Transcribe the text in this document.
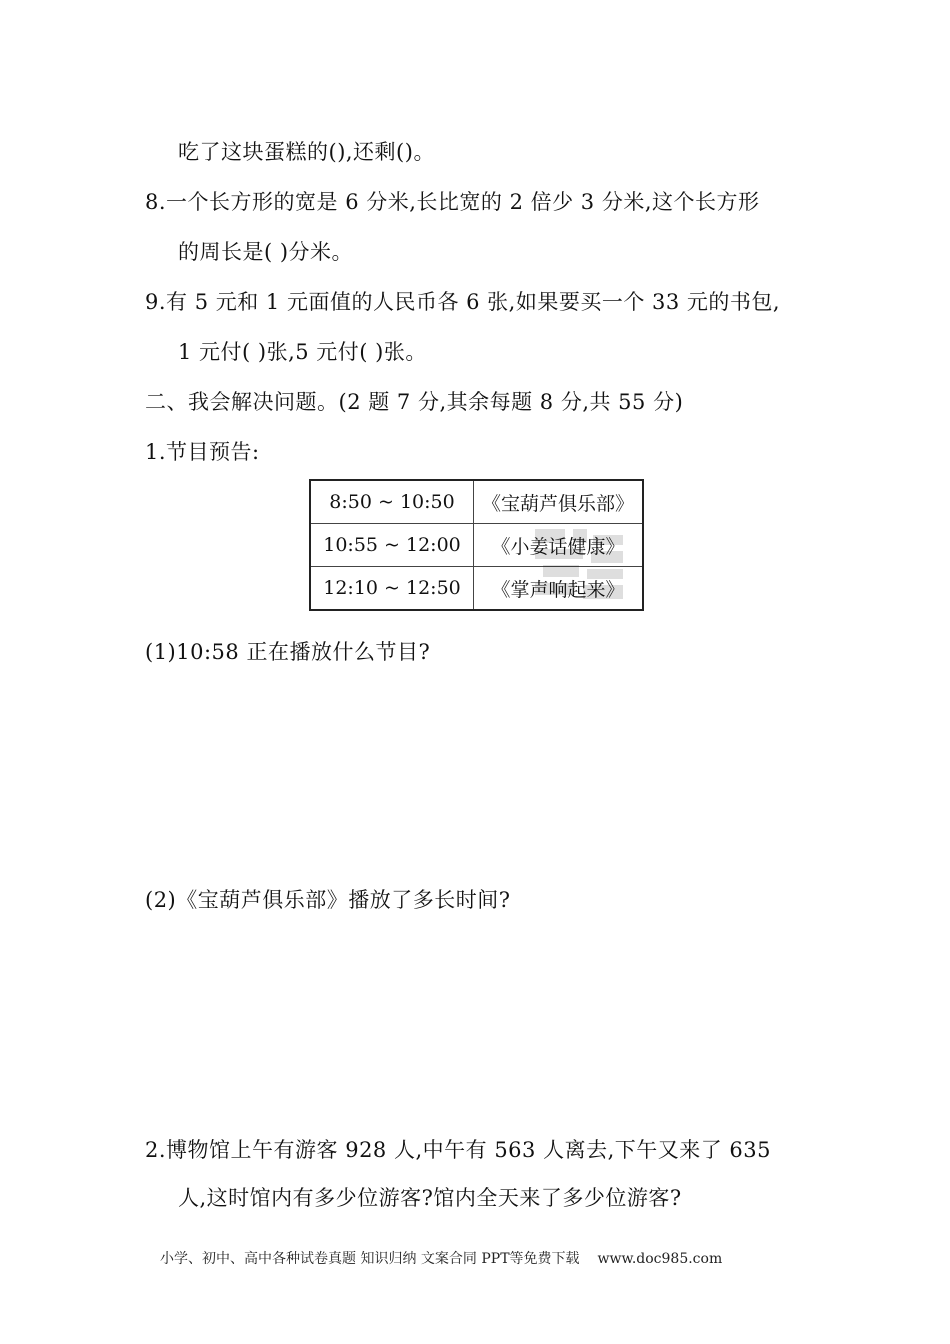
吃了这块蛋糕的(),还剩()。
8.一个长方形的宽是 6 分米,长比宽的 2 倍少 3 分米,这个长方形
的周长是( )分米。
9.有 5 元和 1 元面值的人民币各 6 张,如果要买一个 33 元的书包,
1 元付( )张,5 元付( )张。
二、我会解决问题。(2 题 7 分,其余每题 8 分,共 55 分)
1.节目预告:
8:50 ~ 10:50	《宝葫芦俱乐部》
10:55 ~ 12:00	《小姜话健康》
12:10 ~ 12:50	《掌声响起来》
(1)10:58 正在播放什么节目?
(2)《宝葫芦俱乐部》播放了多长时间?
2.博物馆上午有游客 928 人,中午有 563 人离去,下午又来了 635
人,这时馆内有多少位游客?馆内全天来了多少位游客?
小学、初中、高中各种试卷真题 知识归纳 文案合同 PPT等免费下载 www.doc985.com
